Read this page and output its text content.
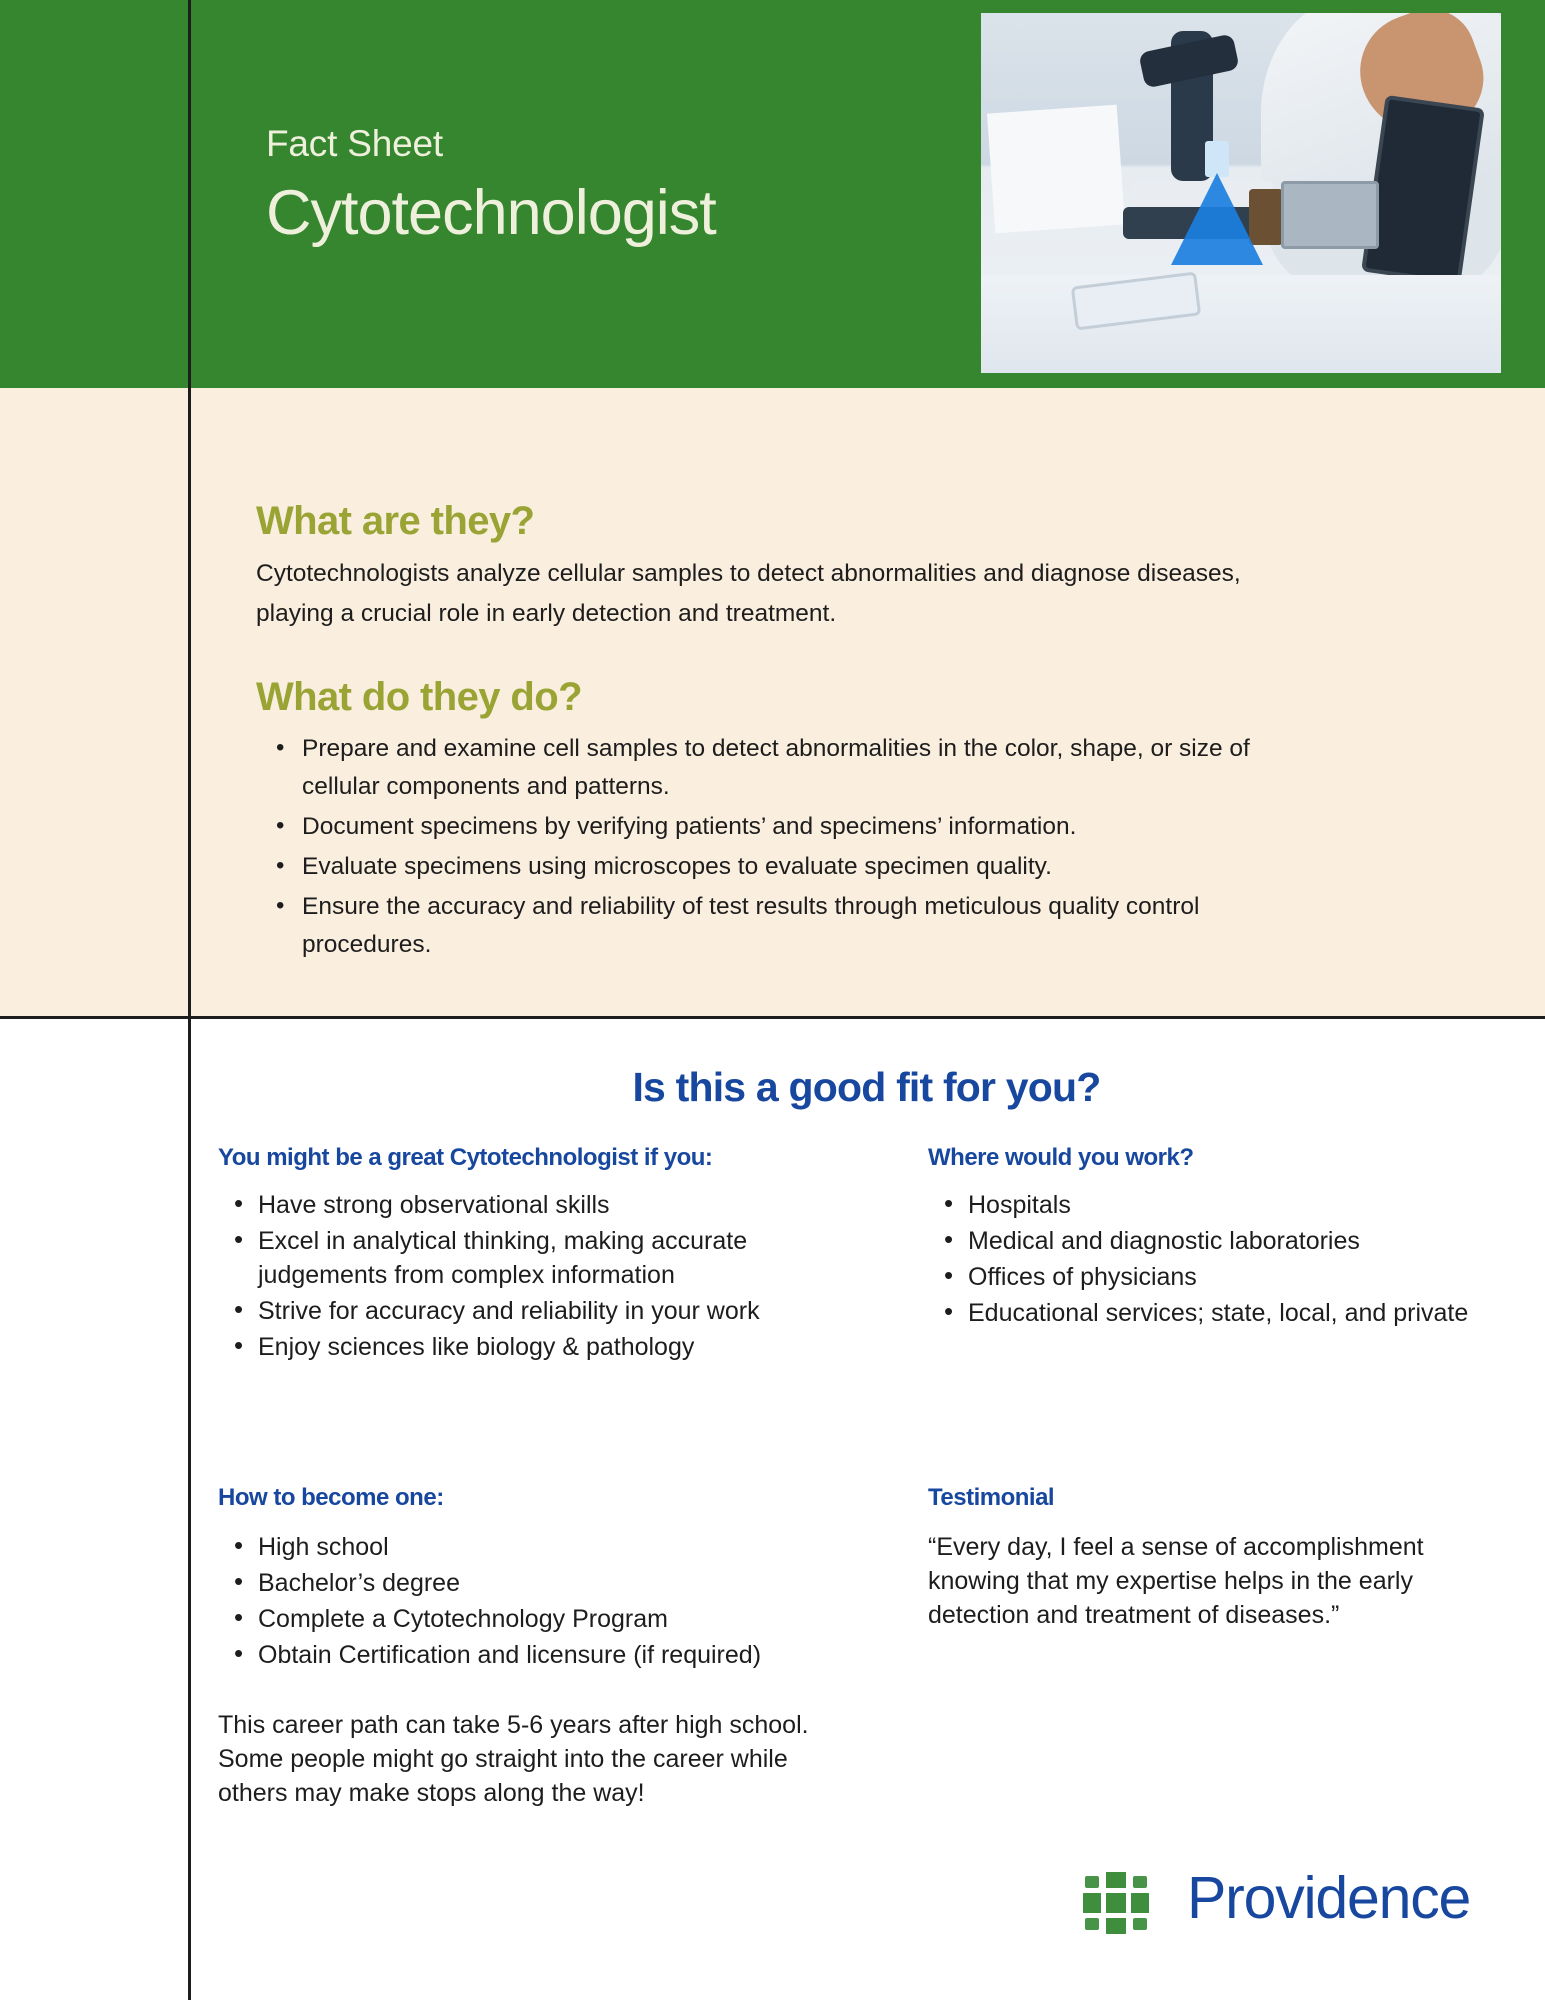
Fact Sheet
Cytotechnologist
What are they?

Cytotechnologists analyze cellular samples to detect abnormalities and diagnose diseases, playing a crucial role in early detection and treatment.

What do they do?
• Prepare and examine cell samples to detect abnormalities in the color, shape, or size of cellular components and patterns.
• Document specimens by verifying patients’ and specimens’ information.
• Evaluate specimens using microscopes to evaluate specimen quality.
• Ensure the accuracy and reliability of test results through meticulous quality control procedures.
Is this a good fit for you?
You might be a great Cytotechnologist if you:
• Have strong observational skills
• Excel in analytical thinking, making accurate judgements from complex information
• Strive for accuracy and reliability in your work
• Enjoy sciences like biology & pathology
Where would you work?
• Hospitals
• Medical and diagnostic laboratories
• Offices of physicians
• Educational services; state, local, and private
How to become one:
• High school
• Bachelor’s degree
• Complete a Cytotechnology Program
• Obtain Certification and licensure (if required)

This career path can take 5-6 years after high school. Some people might go straight into the career while others may make stops along the way!

Testimonial

“Every day, I feel a sense of accomplishment knowing that my expertise helps in the early detection and treatment of diseases.”

Providence
